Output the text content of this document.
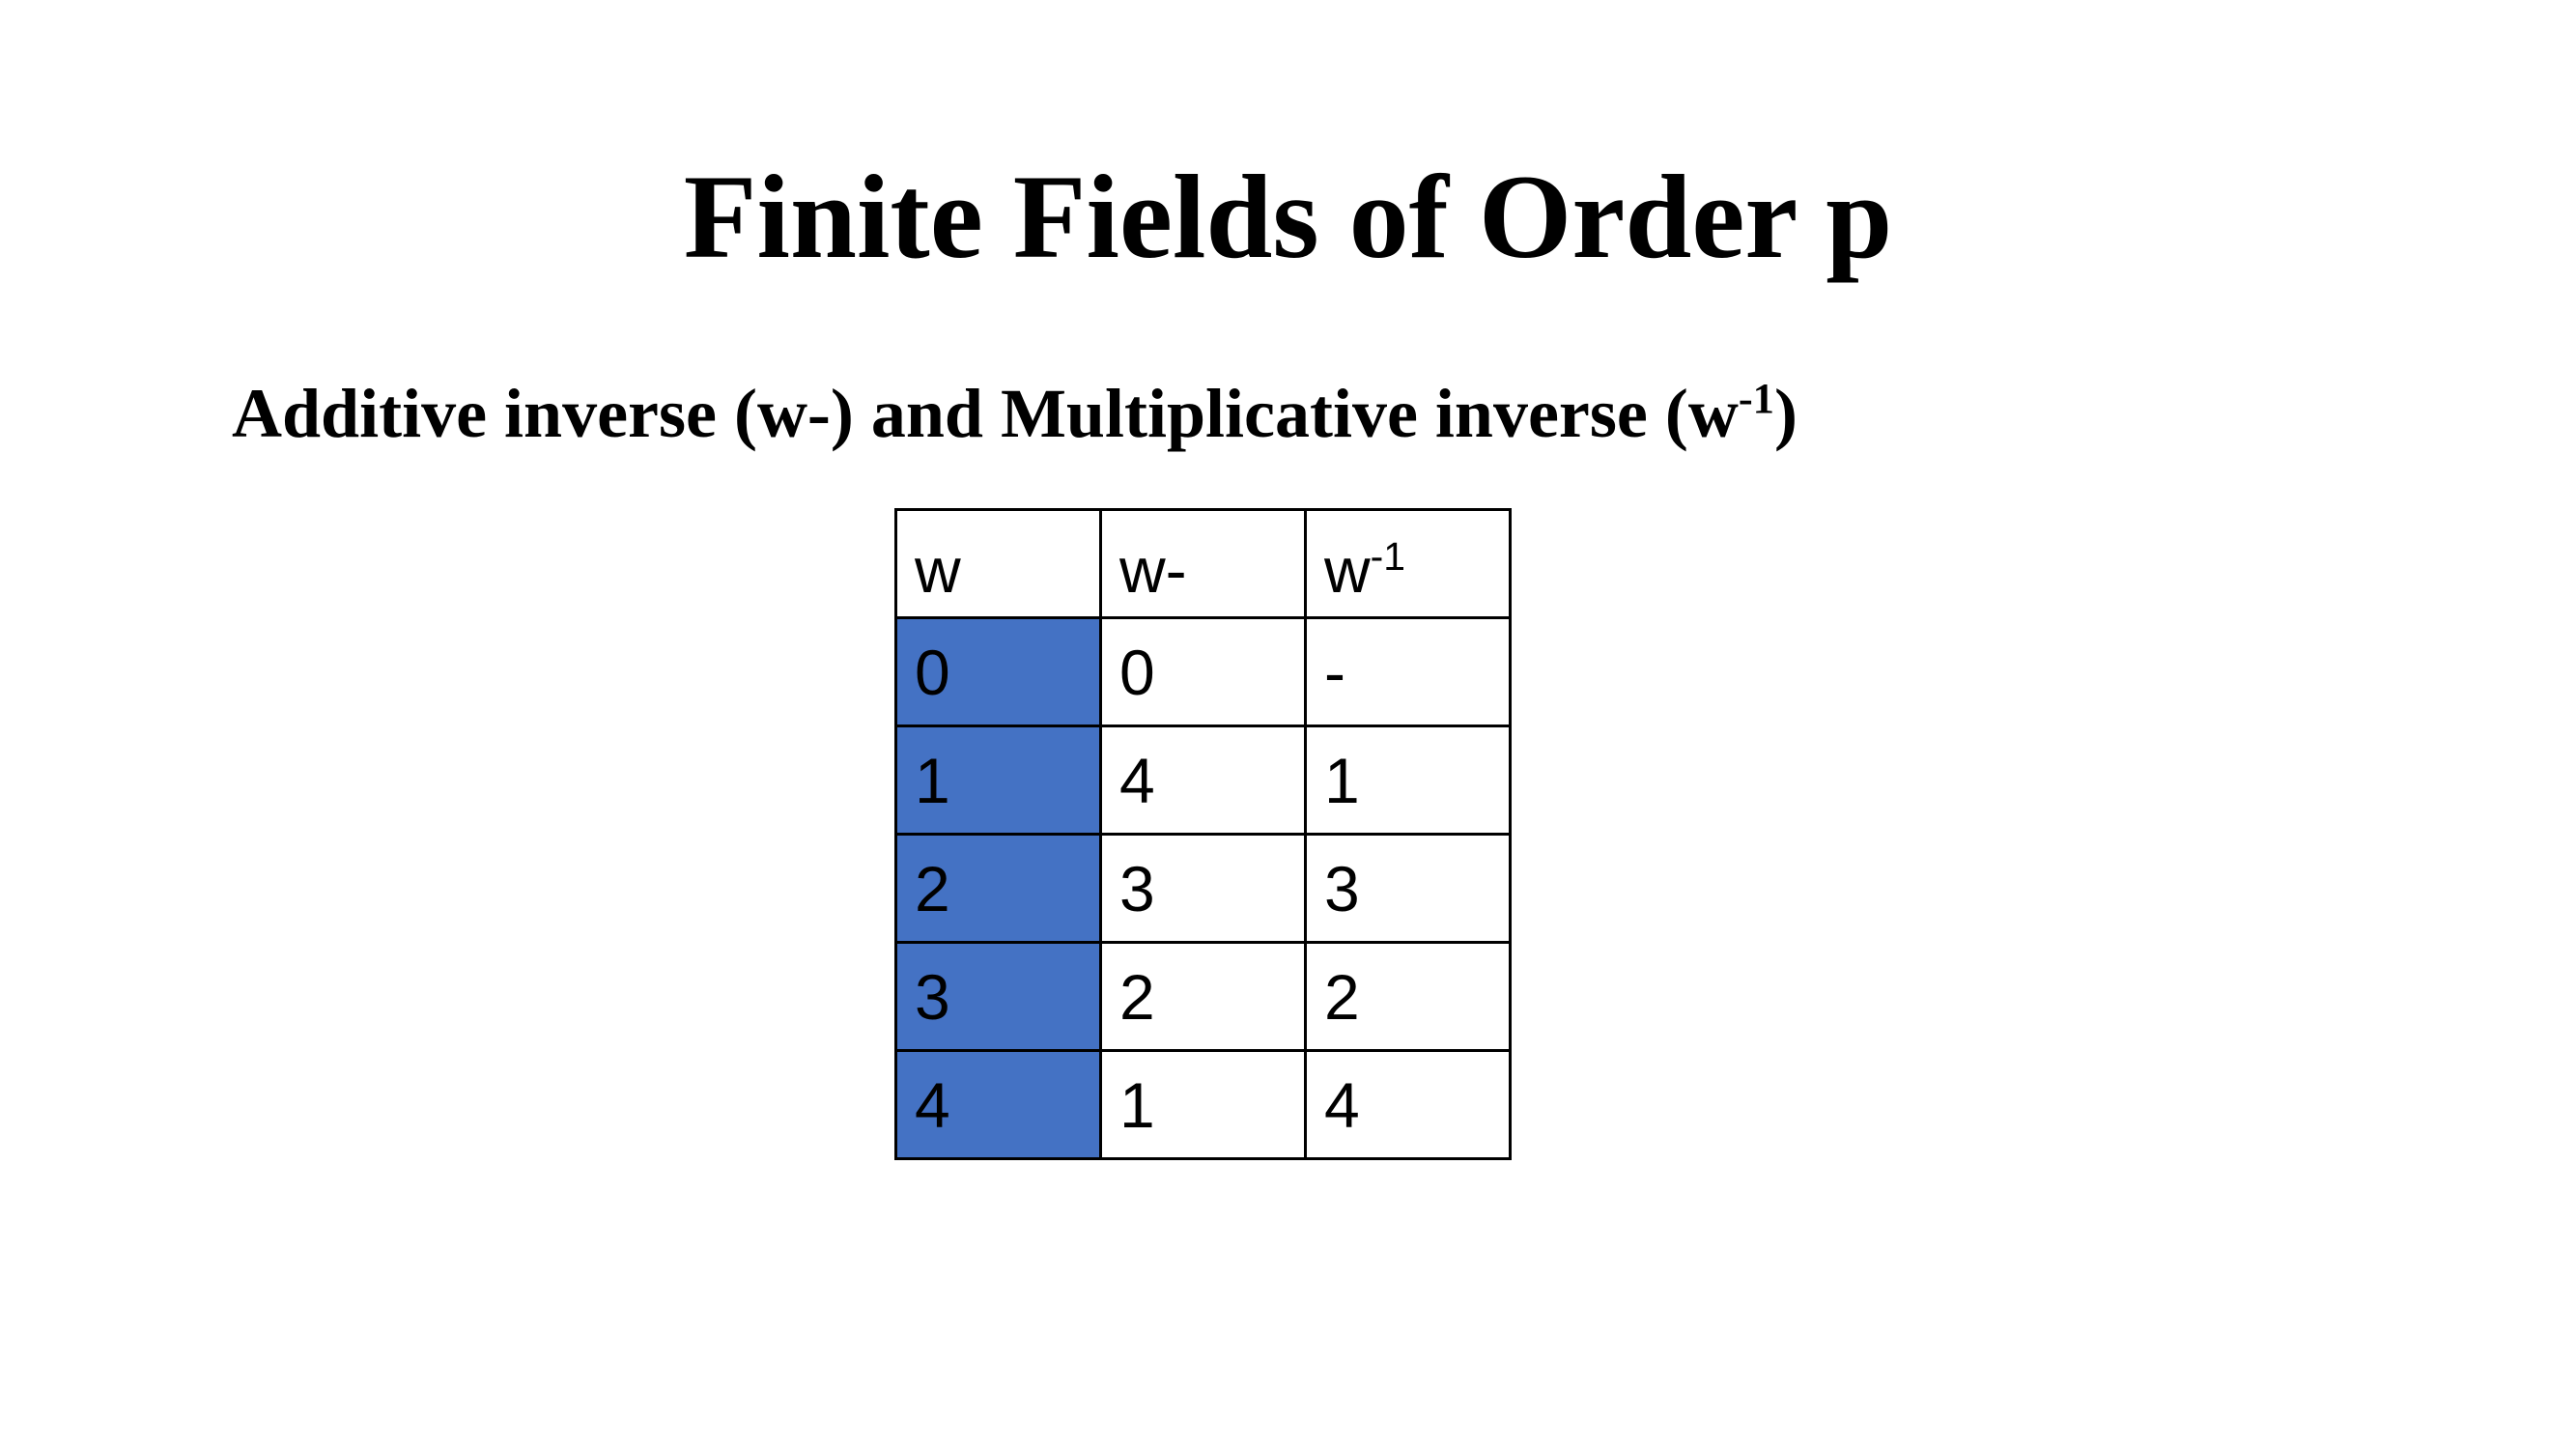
Finite Fields of Order p
Additive inverse (w-) and Multiplicative inverse $(w^{-1})$
w	w-	$w^{-1}$
0	0	-
1	4	1
2	3	3
3	2	2
4	1	4
